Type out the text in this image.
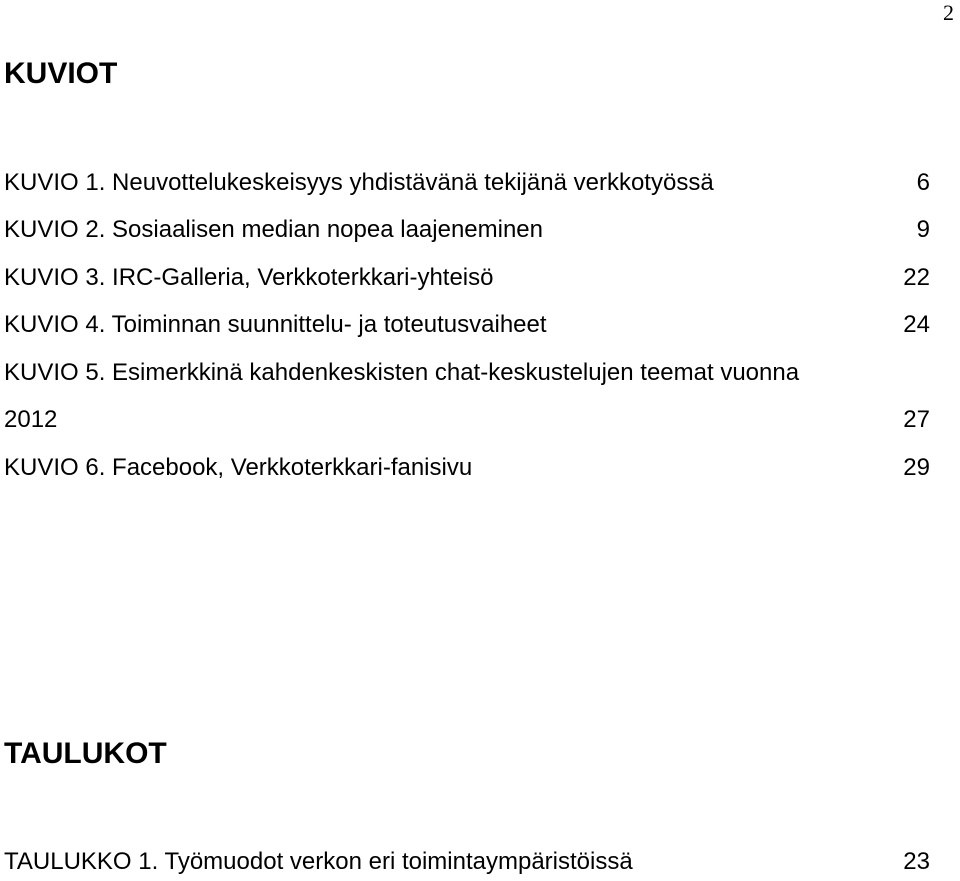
2
KUVIOT
KUVIO 1. Neuvottelukeskeisyys yhdistävänä tekijänä verkkotyössä	6
KUVIO 2. Sosiaalisen median nopea laajeneminen	9
KUVIO 3. IRC-Galleria, Verkkoterkkari-yhteisö	22
KUVIO 4. Toiminnan suunnittelu- ja toteutusvaiheet	24
KUVIO 5. Esimerkkinä kahdenkeskisten chat-keskustelujen teemat vuonna
2012	27
KUVIO 6. Facebook, Verkkoterkkari-fanisivu	29
TAULUKOT
TAULUKKO 1. Työmuodot verkon eri toimintaympäristöissä	23
